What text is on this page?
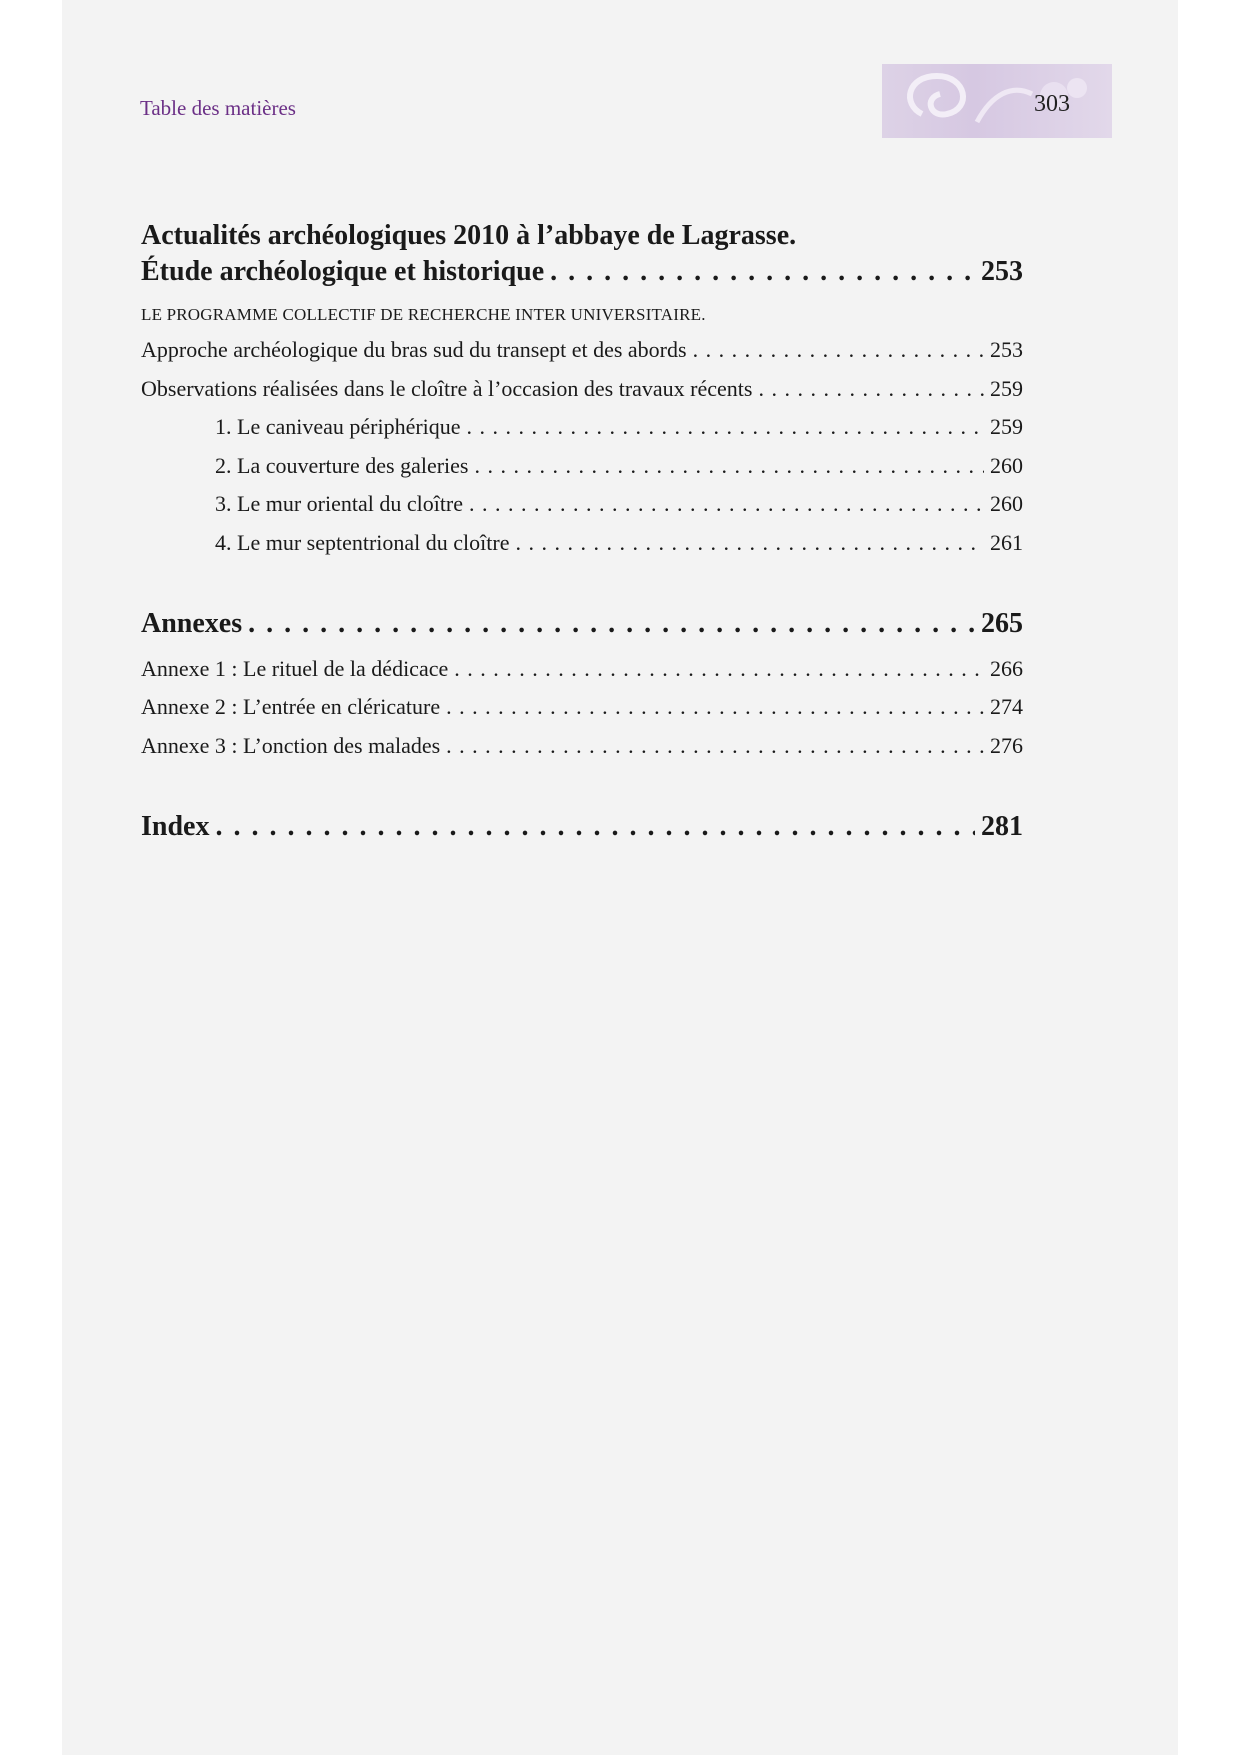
Table des matières	303
Actualités archéologiques 2010 à l’abbaye de Lagrasse.
Étude archéologique et historique . . .	253
LE PROGRAMME COLLECTIF DE RECHERCHE INTER UNIVERSITAIRE.
Approche archéologique du bras sud du transept et des abords . . .	253
Observations réalisées dans le cloître à l’occasion des travaux récents . . .	259
1. Le caniveau périphérique . . .	259
2. La couverture des galeries . . .	260
3. Le mur oriental du cloître . . .	260
4. Le mur septentrional du cloître . . .	261
Annexes . . .	265
Annexe 1 : Le rituel de la dédicace . . .	266
Annexe 2 : L’entrée en cléricature . . .	274
Annexe 3 : L’onction des malades . . .	276
Index . . .	281
